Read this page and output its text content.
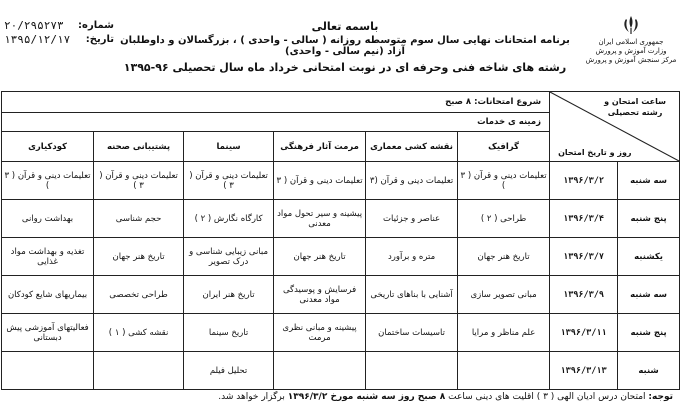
شماره:
۲۰/۲۹۵۲۷۳
تاریخ:
۱۳۹۵/۱۲/۱۷
باسمه تعالی
برنامه امتحانات نهایی سال سوم متوسطه روزانه ( سالی - واحدی ) ، بزرگسالان و داوطلبان آزاد (نیم سالی - واحدی)
رشته های شاخه فنی وحرفه ای در نوبت امتحانی خرداد ماه سال تحصیلی ۹۶-۱۳۹۵
جمهوری اسلامی ایران
وزارت آموزش و پرورش
مرکز سنجش آموزش و پرورش
ساعت امتحان و رشته تحصیلی
روز و تاریخ امتحان		شروع امتحانات: ۸ صبح					
		زمینه ی خدمات					
		گرافیک	نقشه کشی معماری	مرمت آثار فرهنگی	سینما	پشتیبانی صحنه	کودکیاری
سه شنبه	۱۳۹۶/۳/۲	تعلیمات دینی و قرآن ( ۳ )	تعلیمات دینی و قرآن (۳	تعلیمات دینی و قرآن ( ۳	تعلیمات دینی و قرآن ( ۳ )	تعلیمات دینی و قرآن ( ۳ )	تعلیمات دینی و قرآن ( ۳ )
پنج شنبه	۱۳۹۶/۳/۴	طراحی ( ۲ )	عناصر و جزئیات	پیشینه و سیر تحول مواد معدنی	کارگاه نگارش ( ۲ )	حجم شناسی	بهداشت روانی
یکشنبه	۱۳۹۶/۳/۷	تاریخ هنر جهان	متره و برآورد	تاریخ هنر جهان	مبانی زیبایی شناسی و درک تصویر	تاریخ هنر جهان	تغذیه و بهداشت مواد غذایی
سه شنبه	۱۳۹۶/۳/۹	مبانی تصویر سازی	آشنایی با بناهای تاریخی	فرسایش و پوسیدگی مواد معدنی	تاریخ هنر ایران	طراحی تخصصی	بیماریهای شایع کودکان
پنج شنبه	۱۳۹۶/۳/۱۱	علم مناظر و مرایا	تاسیسات ساختمان	پیشینه و مبانی نظری مرمت	تاریخ سینما	نقشه کشی ( ۱ )	فعالیتهای آموزشی پیش دبستانی
شنبه	۱۳۹۶/۳/۱۳				تحلیل فیلم		
توجه: امتحان درس ادیان الهی ( ۳ ) اقلیت های دینی ساعت ۸ صبح روز سه شنبه مورخ ۱۳۹۶/۳/۲ برگزار خواهد شد.
